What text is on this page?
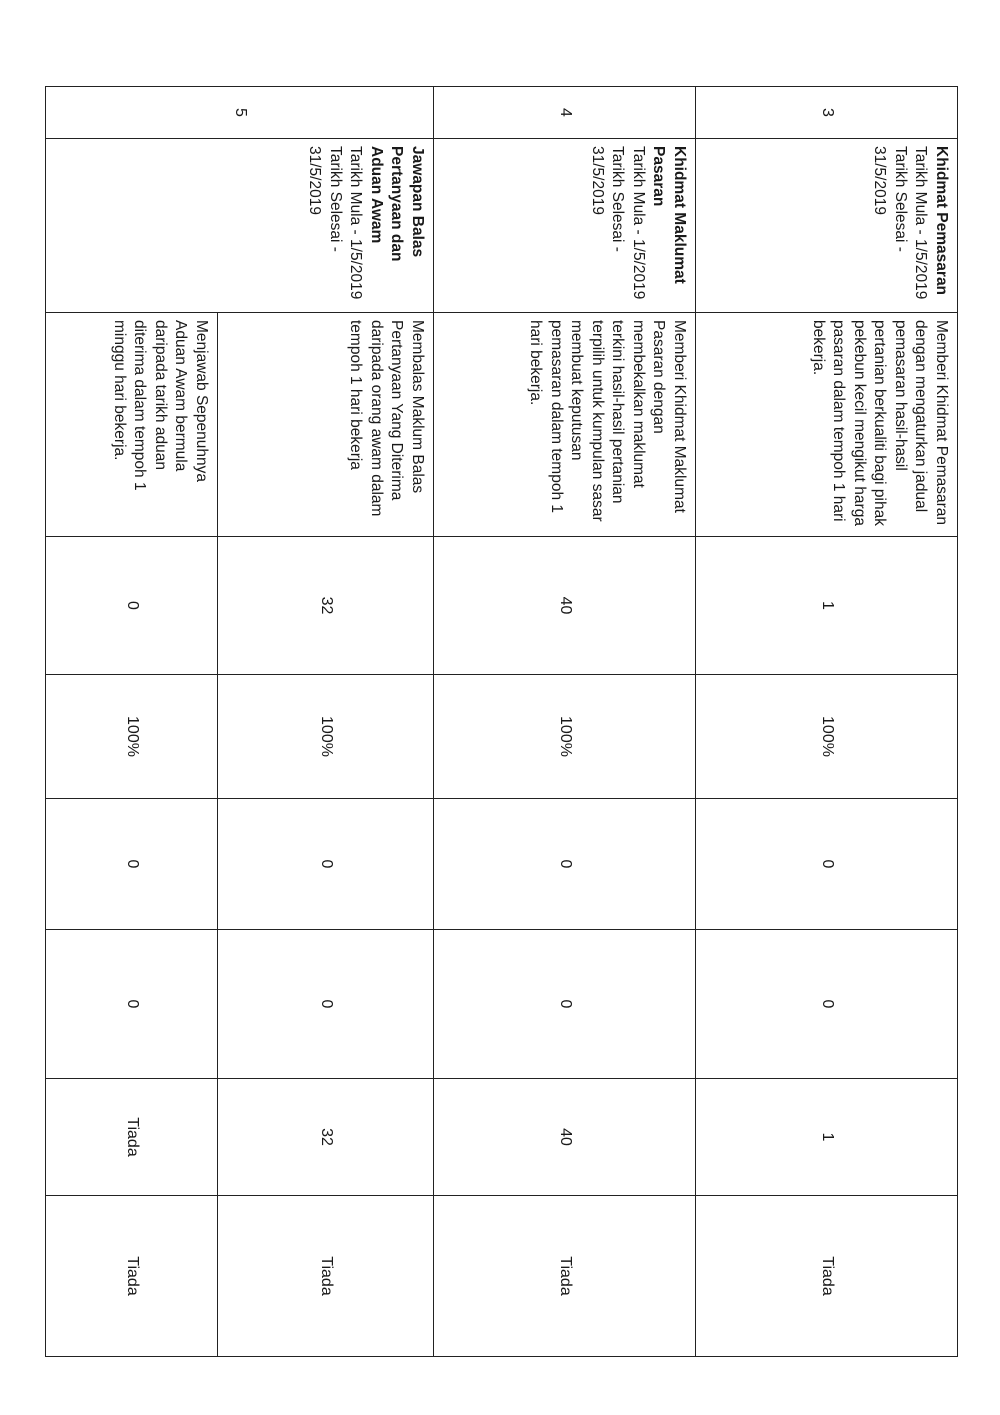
3	Khidmat Pemasaran
Tarikh Mula - 1/5/2019
Tarikh Selesai -
31/5/2019	Memberi Khidmat Pemasaran dengan mengaturkan jadual pemasaran hasil-hasil pertanian berkualiti bagi pihak pekebun kecil mengikut harga pasaran dalam tempoh 1 hari bekerja.	1	100%	0	0	1	Tiada
4	Khidmat Maklumat Pasaran
Tarikh Mula - 1/5/2019
Tarikh Selesai -
31/5/2019	Memberi Khidmat Maklumat Pasaran dengan membekalkan maklumat terkini hasil-hasil pertanian terpilih untuk kumpulan sasar membuat keputusan pemasaran dalam tempoh 1 hari bekerja.	40	100%	0	0	40	Tiada
5	Jawapan Balas Pertanyaan dan Aduan Awam
Tarikh Mula - 1/5/2019
Tarikh Selesai -
31/5/2019	Membalas Maklum Balas Pertanyaan Yang Diterima daripada orang awam dalam tempoh 1 hari bekerja	32	100%	0	0	32	Tiada
		Menjawab Sepenuhnya Aduan Awam bermula daripada tarikh aduan diterima dalam tempoh 1 minggu hari bekerja.	0	100%	0	0	Tiada	Tiada
